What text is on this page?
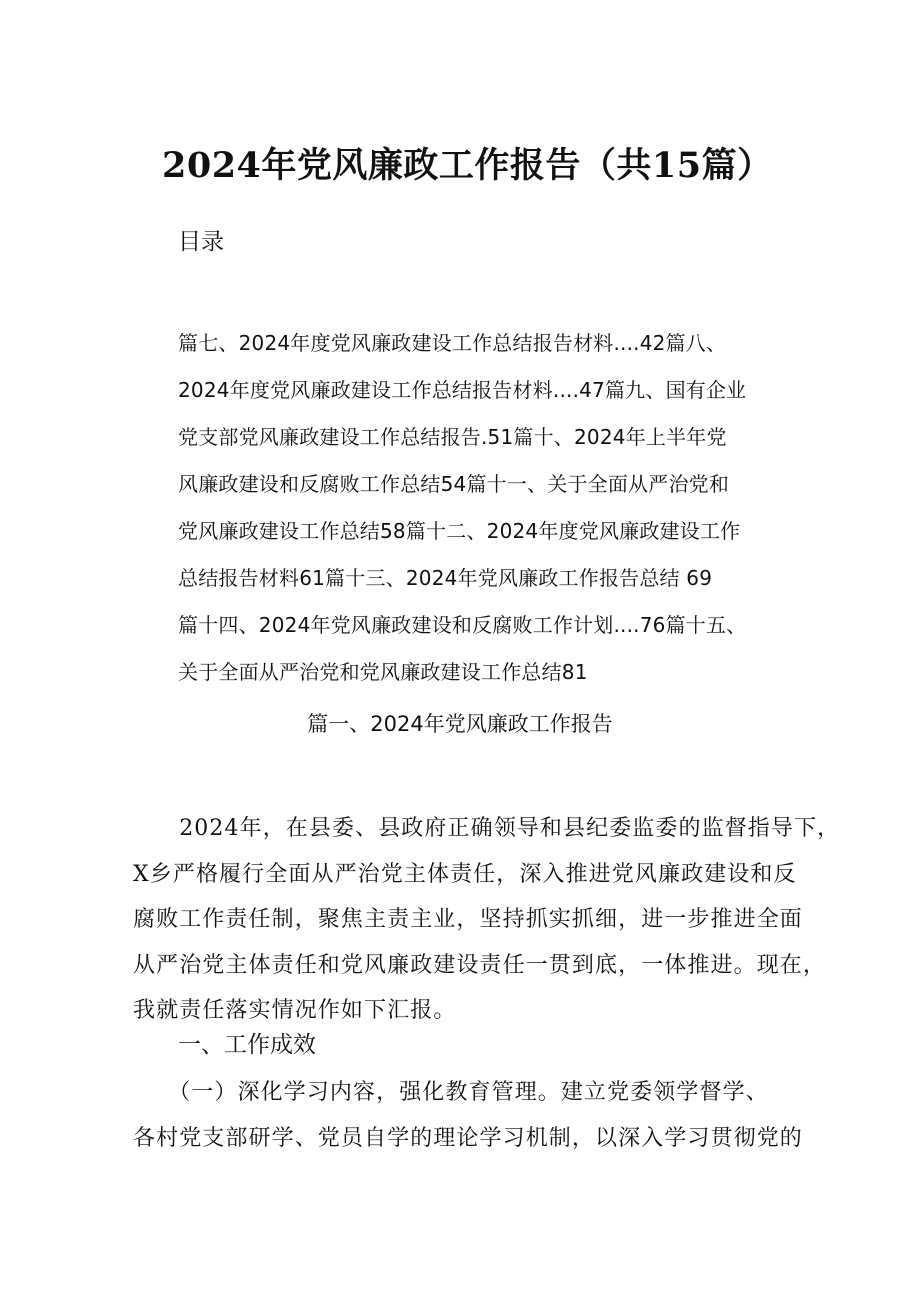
2024年党风廉政工作报告（共15篇）
目录
篇七、2024年度党风廉政建设工作总结报告材料....42篇八、
2024年度党风廉政建设工作总结报告材料....47篇九、国有企业
党支部党风廉政建设工作总结报告.51篇十、2024年上半年党
风廉政建设和反腐败工作总结54篇十一、关于全面从严治党和
党风廉政建设工作总结58篇十二、2024年度党风廉政建设工作
总结报告材料61篇十三、2024年党风廉政工作报告总结 69
篇十四、2024年党风廉政建设和反腐败工作计划....76篇十五、
关于全面从严治党和党风廉政建设工作总结81
篇一、2024年党风廉政工作报告
　　2024年，在县委、县政府正确领导和县纪委监委的监督指导下，
X乡严格履行全面从严治党主体责任，深入推进党风廉政建设和反
腐败工作责任制，聚焦主责主业，坚持抓实抓细，进一步推进全面
从严治党主体责任和党风廉政建设责任一贯到底，一体推进。现在，
我就责任落实情况作如下汇报。
一、工作成效
　　（一）深化学习内容，强化教育管理。建立党委领学督学、
各村党支部研学、党员自学的理论学习机制，以深入学习贯彻党的
